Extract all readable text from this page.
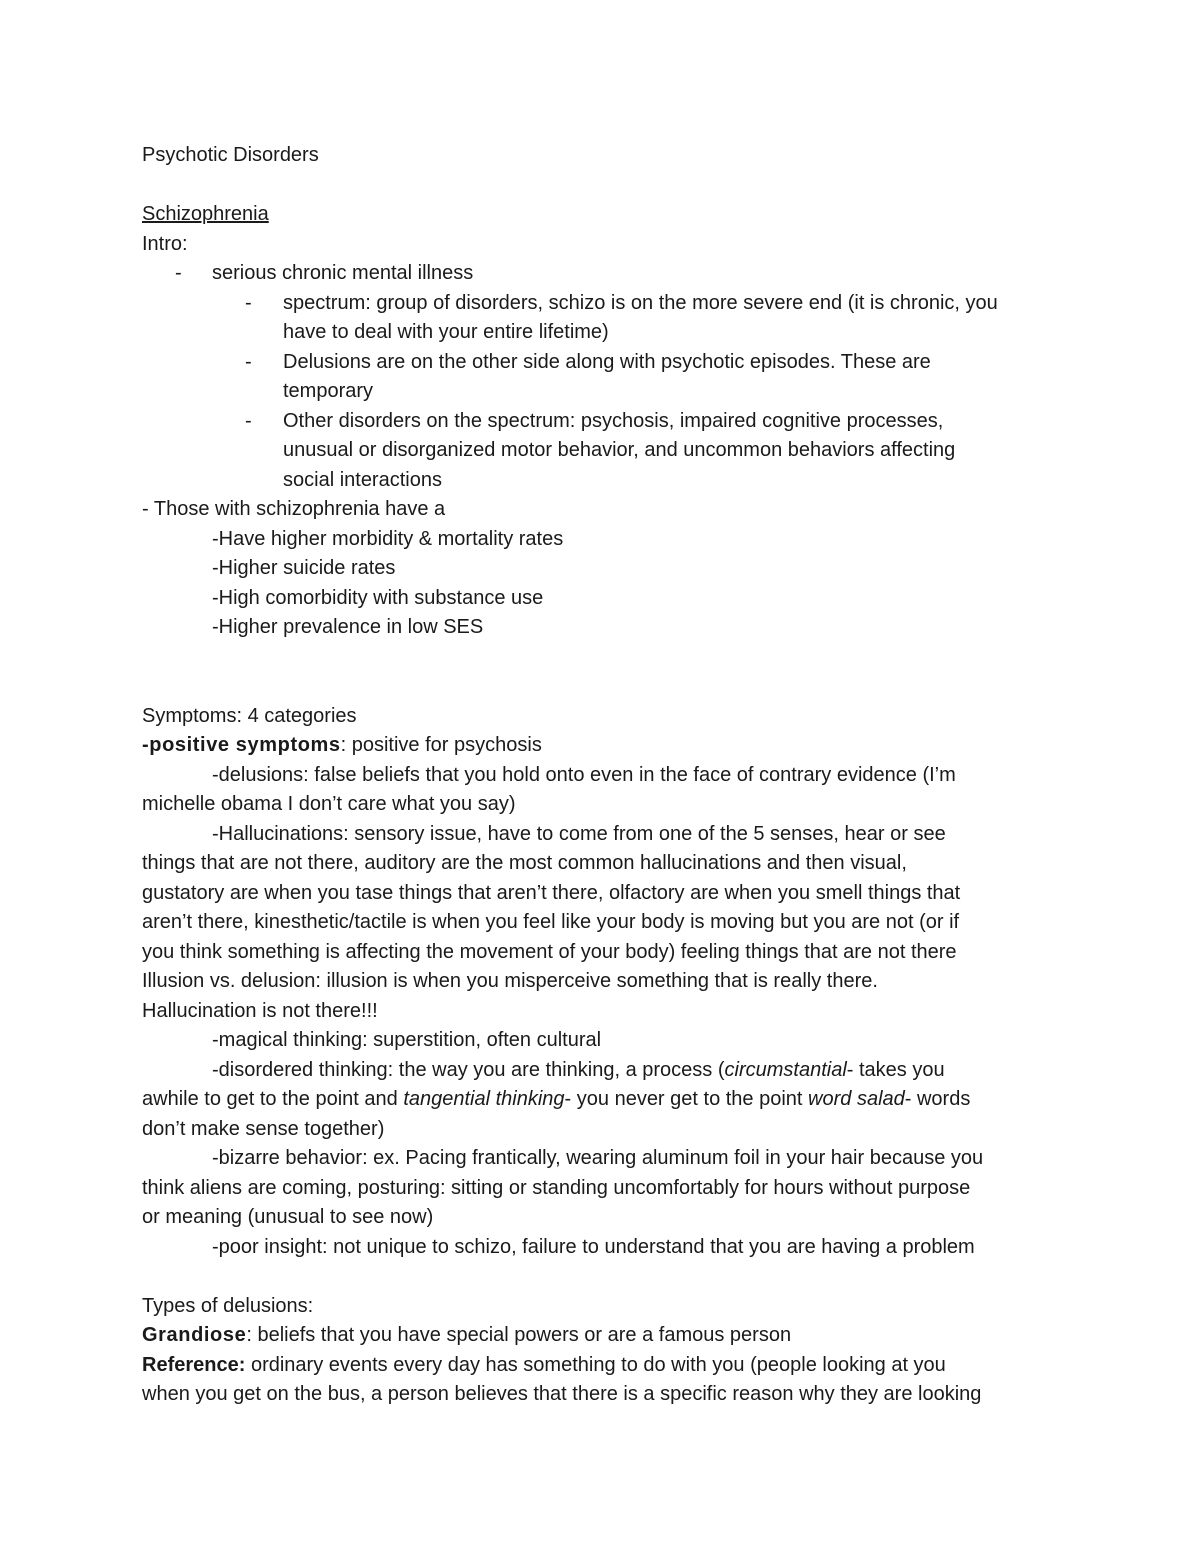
Psychotic Disorders
Schizophrenia
Intro:
- serious chronic mental illness
- spectrum: group of disorders, schizo is on the more severe end (it is chronic, you
have to deal with your entire lifetime)
- Delusions are on the other side along with psychotic episodes. These are
temporary
- Other disorders on the spectrum: psychosis, impaired cognitive processes,
unusual or disorganized motor behavior, and uncommon behaviors affecting
social interactions
- Those with schizophrenia have a
-Have higher morbidity & mortality rates
-Higher suicide rates
-High comorbidity with substance use
-Higher prevalence in low SES
Symptoms: 4 categories
-positive symptoms: positive for psychosis
-delusions: false beliefs that you hold onto even in the face of contrary evidence (I’m
michelle obama I don’t care what you say)
-Hallucinations: sensory issue, have to come from one of the 5 senses, hear or see
things that are not there, auditory are the most common hallucinations and then visual,
gustatory are when you tase things that aren’t there, olfactory are when you smell things that
aren’t there, kinesthetic/tactile is when you feel like your body is moving but you are not (or if
you think something is affecting the movement of your body) feeling things that are not there
Illusion vs. delusion: illusion is when you misperceive something that is really there.
Hallucination is not there!!!
-magical thinking: superstition, often cultural
-disordered thinking: the way you are thinking, a process (circumstantial- takes you
awhile to get to the point and tangential thinking- you never get to the point word salad- words
don’t make sense together)
-bizarre behavior: ex. Pacing frantically, wearing aluminum foil in your hair because you
think aliens are coming, posturing: sitting or standing uncomfortably for hours without purpose
or meaning (unusual to see now)
-poor insight: not unique to schizo, failure to understand that you are having a problem
Types of delusions:
Grandiose: beliefs that you have special powers or are a famous person
Reference: ordinary events every day has something to do with you (people looking at you
when you get on the bus, a person believes that there is a specific reason why they are looking
